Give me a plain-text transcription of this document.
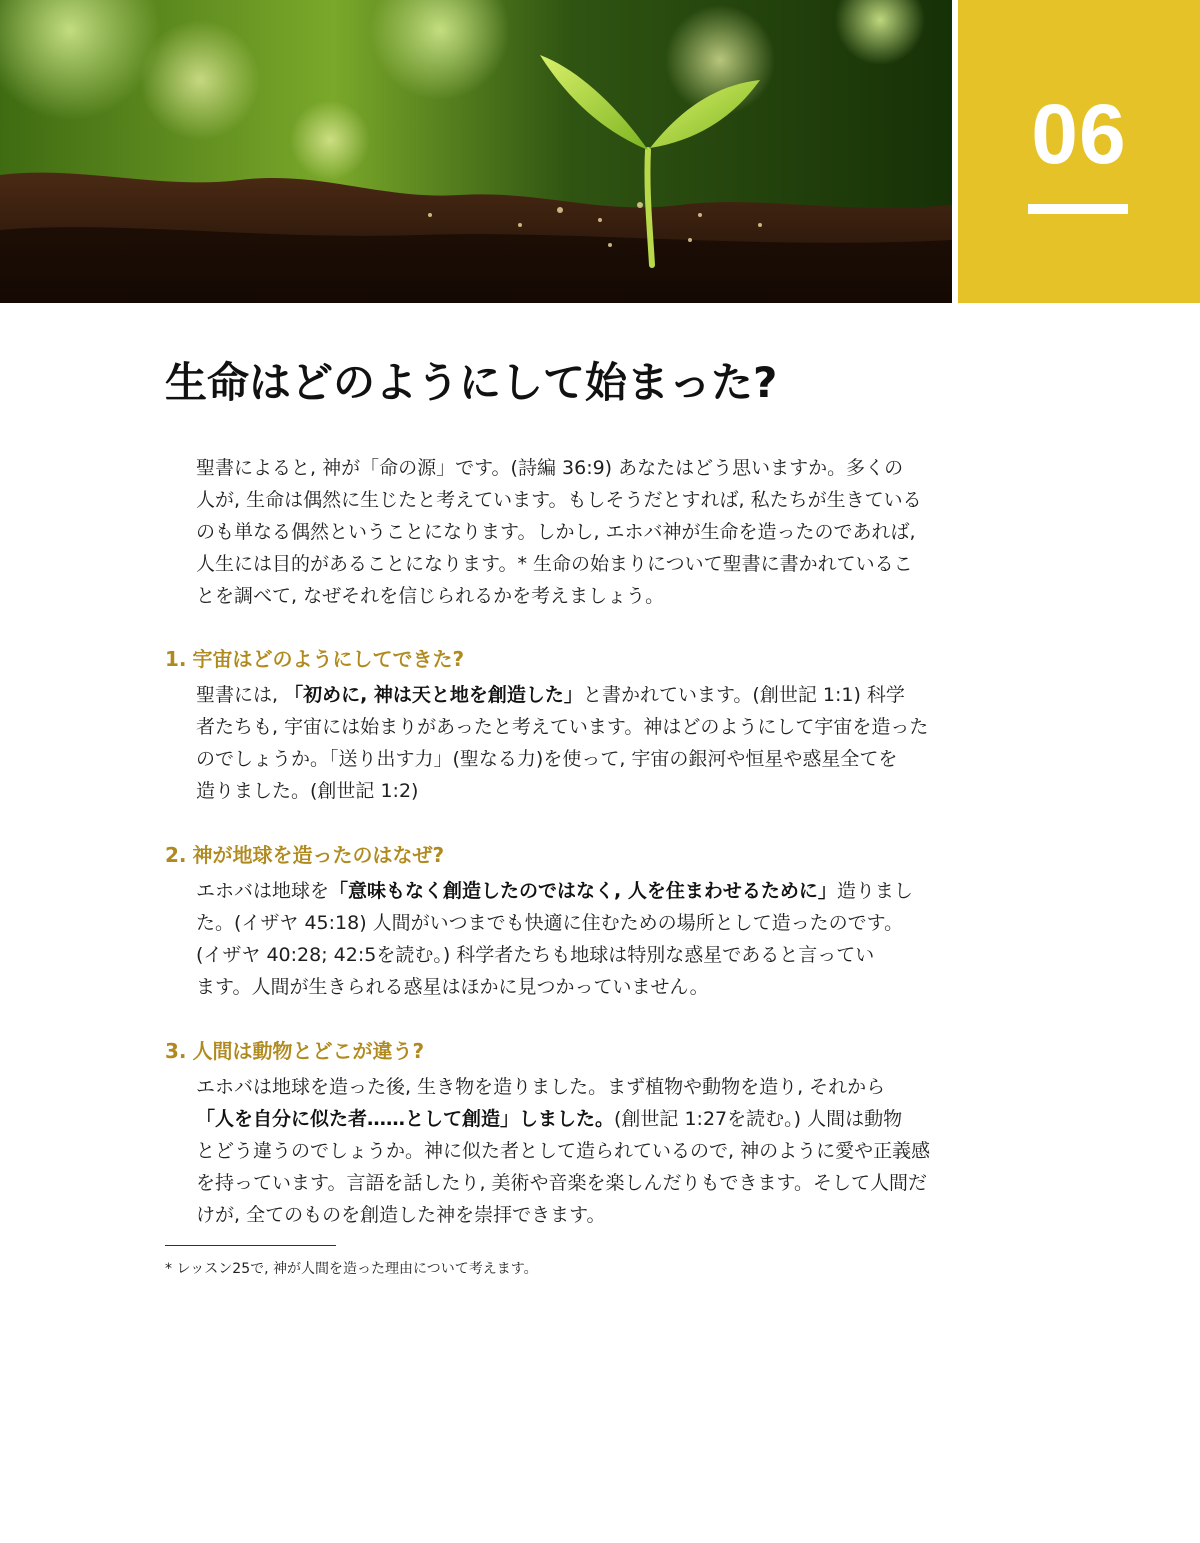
06
生命はどのようにして始まった?

聖書によると, 神が「命の源」です。(詩編 36:9) あなたはどう思いますか。多くの
人が, 生命は偶然に生じたと考えています。もしそうだとすれば, 私たちが生きている
のも単なる偶然ということになります。しかし, エホバ神が生命を造ったのであれば,
人生には目的があることになります。* 生命の始まりについて聖書に書かれているこ
とを調べて, なぜそれを信じられるかを考えましょう。

1. 宇宙はどのようにしてできた?

聖書には, 「初めに, 神は天と地を創造した」と書かれています。(創世記 1:1) 科学
者たちも, 宇宙には始まりがあったと考えています。神はどのようにして宇宙を造った
のでしょうか。「送り出す力」(聖なる力)を使って, 宇宙の銀河や恒星や惑星全てを
造りました。(創世記 1:2)

2. 神が地球を造ったのはなぜ?

エホバは地球を「意味もなく創造したのではなく, 人を住まわせるために」造りまし
た。(イザヤ 45:18) 人間がいつまでも快適に住むための場所として造ったのです。
(イザヤ 40:28; 42:5を読む。) 科学者たちも地球は特別な惑星であると言ってい
ます。人間が生きられる惑星はほかに見つかっていません。

3. 人間は動物とどこが違う?

エホバは地球を造った後, 生き物を造りました。まず植物や動物を造り, それから
「人を自分に似た者……として創造」しました。(創世記 1:27を読む。) 人間は動物
とどう違うのでしょうか。神に似た者として造られているので, 神のように愛や正義感
を持っています。言語を話したり, 美術や音楽を楽しんだりもできます。そして人間だ
けが, 全てのものを創造した神を崇拝できます。

* レッスン25で, 神が人間を造った理由について考えます。
